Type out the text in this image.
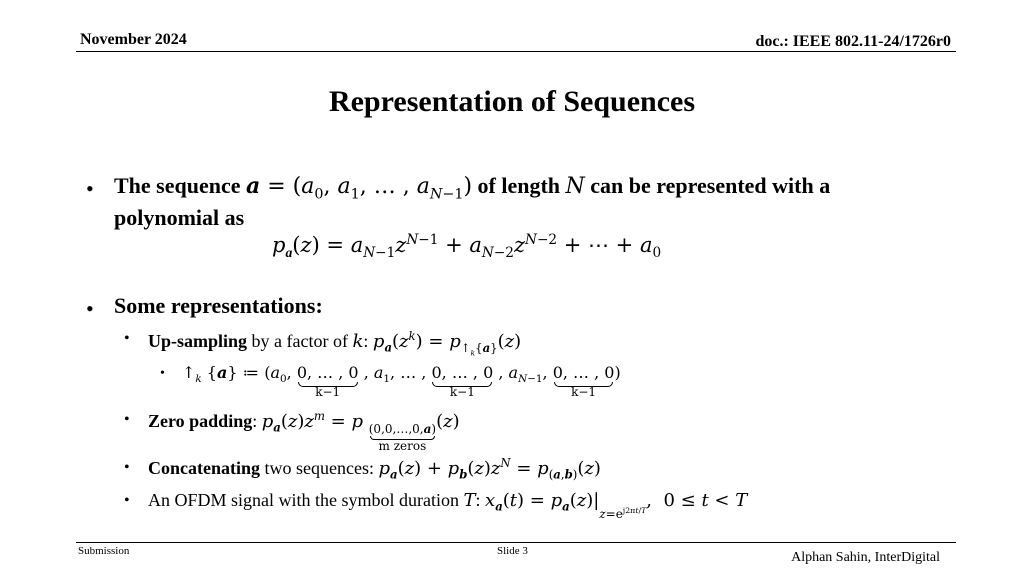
November 2024	doc.: IEEE 802.11-24/1726r0
Representation of Sequences
• The sequence $a = (a_0$, $a_1$, … , $a_{N-1}$) of length N can be represented with a
polynomial as
$p_a(z) = a_{N-1}z^{N-1} + a_{N-2}z^{N-2}$ + ⋯ + $a_0$
• Some representations:
• Up-sampling by a factor of k: $p_a(z^k) = p_{↑_k\{a\}}(z)$
• $↑_k$ {a} ≔ ($a_0$, 0, … , 0
k−1
, $a_1$, … , 0, … , 0
k−1
, $a_{N-1}$, 0, … , 0
k−1
)
• Zero padding: $p_a(z)z^m = p$ (0,0,…,0,a)
m zeros
(z)
• Concatenating two sequences: $p_a(z) + p_b(z)z^N = p_{(a,b)}(z)$
• An OFDM signal with the symbol duration T: $x_a(t) = p_a(z)|_{z=e^{j2\pi t/T}}$,  0 ≤ t < T
Submission	Slide 3	Alphan Sahin, InterDigital
